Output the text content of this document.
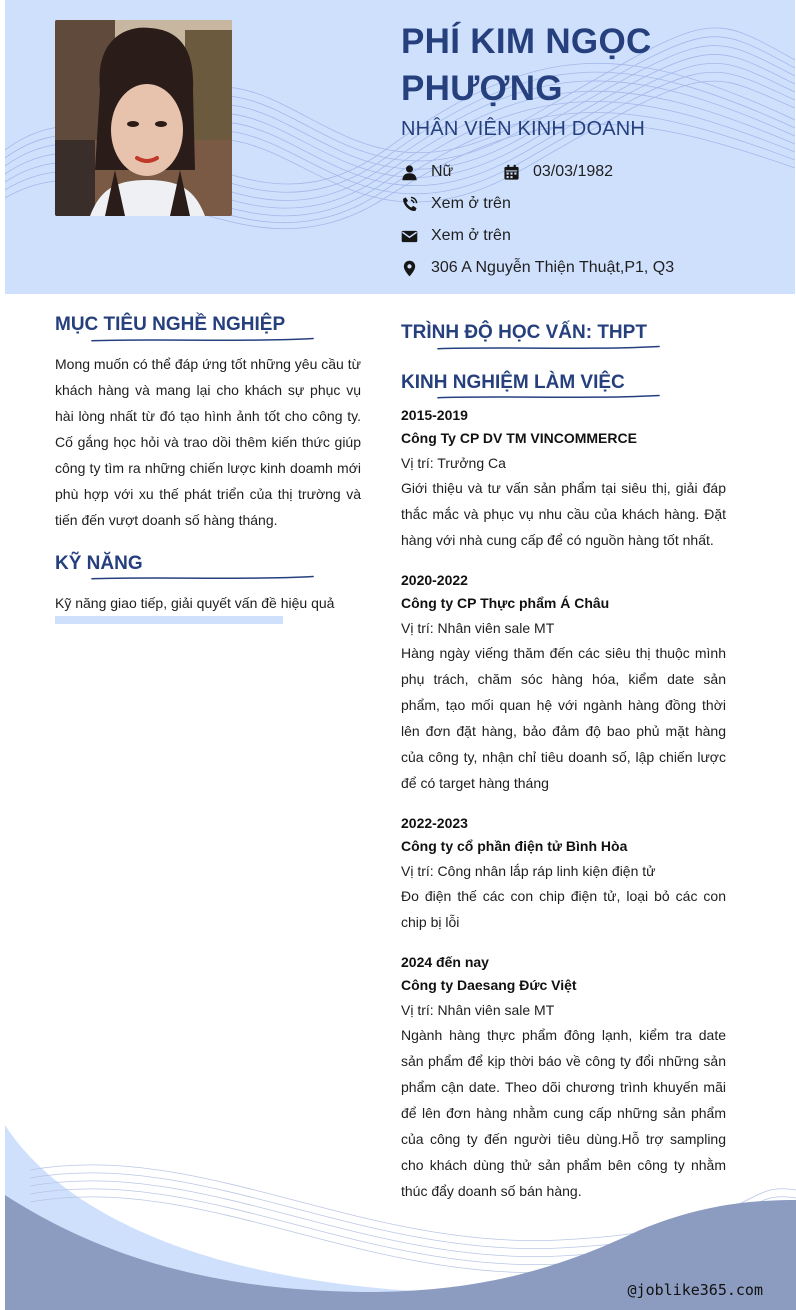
PHÍ KIM NGỌC PHƯỢNG
NHÂN VIÊN KINH DOANH
Nữ	03/03/1982
Xem ở trên
Xem ở trên
306 A Nguyễn Thiện Thuật,P1, Q3
MỤC TIÊU NGHỀ NGHIỆP
Mong muốn có thể đáp ứng tốt những yêu cầu từ khách hàng và mang lại cho khách sự phục vụ hài lòng nhất từ đó tạo hình ảnh tốt cho công ty. Cố gắng học hỏi và trao dồi thêm kiến thức giúp công ty tìm ra những chiến lược kinh doamh mới phù hợp với xu thế phát triển của thị trường và tiến đến vượt doanh số hàng tháng.
KỸ NĂNG
Kỹ năng giao tiếp, giải quyết vấn đề hiệu quả
TRÌNH ĐỘ HỌC VẤN: THPT
KINH NGHIỆM LÀM VIỆC
2015-2019
Công Ty CP DV TM VINCOMMERCE
Vị trí: Trưởng Ca
Giới thiệu và tư vấn sản phẩm tại siêu thị, giải đáp thắc mắc và phục vụ nhu cầu của khách hàng. Đặt hàng với nhà cung cấp để có nguồn hàng tốt nhất.
2020-2022
Công ty CP Thực phẩm Á Châu
Vị trí: Nhân viên sale MT
Hàng ngày viếng thăm đến các siêu thị thuộc mình phụ trách, chăm sóc hàng hóa, kiểm date sản phẩm, tạo mối quan hệ với ngành hàng đồng thời lên đơn đặt hàng, bảo đảm độ bao phủ mặt hàng của công ty, nhận chỉ tiêu doanh số, lập chiến lược để có target hàng tháng
2022-2023
Công ty cổ phần điện tử Bình Hòa
Vị trí: Công nhân lắp ráp linh kiện điện tử
Đo điện thế các con chip điện tử, loại bỏ các con chip bị lỗi
2024 đến nay
Công ty Daesang Đức Việt
Vị trí: Nhân viên sale MT
Ngành hàng thực phẩm đông lạnh, kiểm tra date sản phẩm để kịp thời báo về công ty đổi những sản phẩm cận date. Theo dõi chương trình khuyến mãi để lên đơn hàng nhằm cung cấp những sản phẩm của công ty đến người tiêu dùng.Hỗ trợ sampling cho khách dùng thử sản phẩm bên công ty nhằm thúc đẩy doanh số bán hàng.
@joblike365.com
